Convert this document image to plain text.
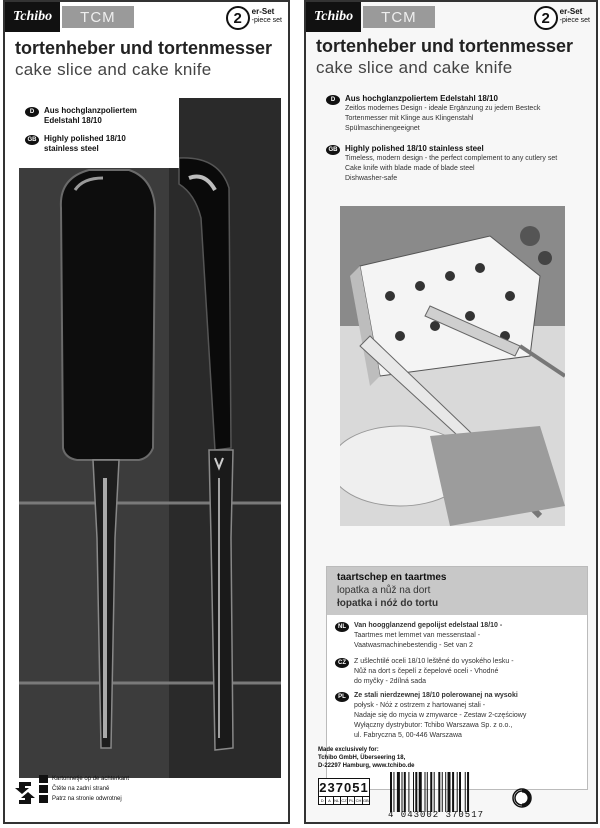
Tchibo	TCM	2	er-Set
-piece set
tortenheber und tortenmesser
cake slice and cake knife
D	Aus hochglanzpoliertem Edelstahl 18/10
GB Highly polished 18/10 stainless steel
Kartonnetje op de achterkant
Čtěte na zadní straně
Patrz na stronie odwrotnej
Tchibo	TCM	2	er-Set
-piece set
tortenheber und tortenmesser
cake slice and cake knife
D	Aus hochglanzpoliertem Edelstahl 18/10
Zeitlos modernes Design - ideale Ergänzung zu jedem Besteck
Tortenmesser mit Klinge aus Klingenstahl
Spülmaschinengeeignet
GB Highly polished 18/10 stainless steel
Timeless, modern design - the perfect complement to any cutlery set
Cake knife with blade made of blade steel
Dishwasher-safe
taartschep en taartmes
lopatka a nůž na dort
łopatka i nóż do tortu
NL	Van hoogglanzend gepolijst edelstaal 18/10 -
Taartmes met lemmet van messenstaal -
Vaatwasmachinebestendig - Set van 2
CZ	Z ušlechtilé oceli 18/10 leštěné do vysokého lesku -
Nůž na dort s čepelí z čepelové oceli - Vhodné
do myčky - 2dílná sada
PL	Ze stali nierdzewnej 18/10 polerowanej na wysoki
połysk - Nóż z ostrzem z hartowanej stali -
Nadaje się do mycia w zmywarce - Zestaw 2-częściowy
Wyłączny dystrybutor: Tchibo Warszawa Sp. z o.o.,
ul. Fabryczna 5, 00-446 Warszawa
Made exclusively for:
Tchibo GmbH, Überseering 18,
D-22297 Hamburg, www.tchibo.de
237051
D	A NL CZ PL CH GB
4 043002 370517
